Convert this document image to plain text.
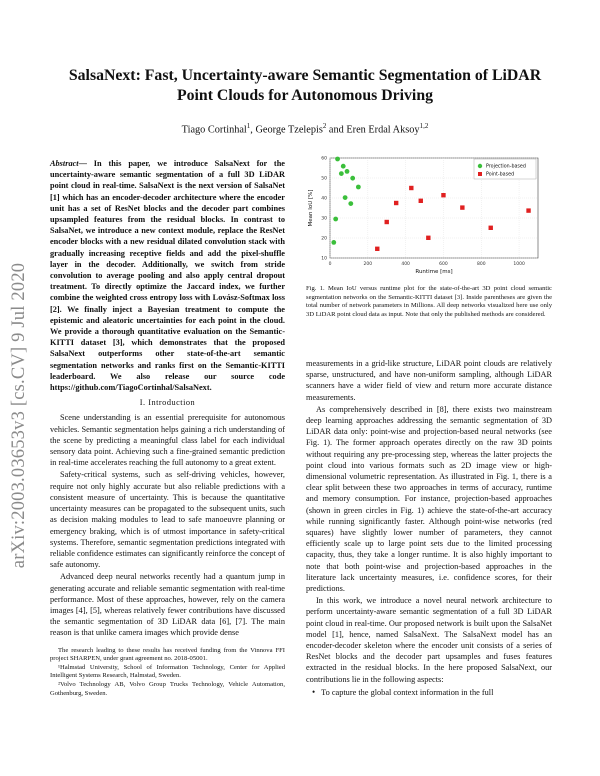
arXiv:2003.03653v3 [cs.CV] 9 Jul 2020
SalsaNext: Fast, Uncertainty-aware Semantic Segmentation of LiDAR Point Clouds for Autonomous Driving
Tiago Cortinhal$^1$, George Tzelepis$^2$ and Eren Erdal Aksoy$^{1,2}$

Abstract— In this paper, we introduce SalsaNext for the uncertainty-aware semantic segmentation of a full 3D LiDAR point cloud in real-time. SalsaNext is the next version of SalsaNet [1] which has an encoder-decoder architecture where the encoder unit has a set of ResNet blocks and the decoder part combines upsampled features from the residual blocks. In contrast to SalsaNet, we introduce a new context module, replace the ResNet encoder blocks with a new residual dilated convolution stack with gradually increasing receptive fields and add the pixel-shuffle layer in the decoder. Additionally, we switch from stride convolution to average pooling and also apply central dropout treatment. To directly optimize the Jaccard index, we further combine the weighted cross entropy loss with Lovász-Softmax loss [2]. We finally inject a Bayesian treatment to compute the epistemic and aleatoric uncertainties for each point in the cloud. We provide a thorough quantitative evaluation on the Semantic-KITTI dataset [3], which demonstrates that the proposed SalsaNext outperforms other state-of-the-art semantic segmentation networks and ranks first on the Semantic-KITTI leaderboard. We also release our source code https://github.com/TiagoCortinhal/SalsaNext.

I. Introduction

Scene understanding is an essential prerequisite for autonomous vehicles. Semantic segmentation helps gaining a rich understanding of the scene by predicting a meaningful class label for each individual sensory data point. Achieving such a fine-grained semantic prediction in real-time accelerates reaching the full autonomy to a great extent.

Safety-critical systems, such as self-driving vehicles, however, require not only highly accurate but also reliable predictions with a consistent measure of uncertainty. This is because the quantitative uncertainty measures can be propagated to the subsequent units, such as decision making modules to lead to safe manoeuvre planning or emergency braking, which is of utmost importance in safety-critical systems. Therefore, semantic segmentation predictions integrated with reliable confidence estimates can significantly reinforce the concept of safe autonomy.

Advanced deep neural networks recently had a quantum jump in generating accurate and reliable semantic segmentation with real-time performance. Most of these approaches, however, rely on the camera images [4], [5], whereas relatively fewer contributions have discussed the semantic segmentation of 3D LiDAR data [6], [7]. The main reason is that unlike camera images which provide dense

The research leading to these results has received funding from the Vinnova FFI project SHARPEN, under grant agreement no. 2018-05001.
¹Halmstad University, School of Information Technology, Center for Applied Intelligent Systems Research, Halmstad, Sweden.
²Volvo Technology AB, Volvo Group Trucks Technology, Vehicle Automation, Gothenburg, Sweden.
0	200	400	600	800	1000
10
20
30
40
50
60
Runtime [ms]
Mean IoU [%]
Projection-based
Point-based

Fig. 1. Mean IoU versus runtime plot for the state-of-the-art 3D point cloud semantic segmentation networks on the Semantic-KITTI dataset [3]. Inside parentheses are given the total number of network parameters in Millions. All deep networks visualized here use only 3D LiDAR point cloud data as input. Note that only the published methods are considered.

measurements in a grid-like structure, LiDAR point clouds are relatively sparse, unstructured, and have non-uniform sampling, although LiDAR scanners have a wider field of view and return more accurate distance measurements.

As comprehensively described in [8], there exists two mainstream deep learning approaches addressing the semantic segmentation of 3D LiDAR data only: point-wise and projection-based neural networks (see Fig. 1). The former approach operates directly on the raw 3D points without requiring any pre-processing step, whereas the latter projects the point cloud into various formats such as 2D image view or high-dimensional volumetric representation. As illustrated in Fig. 1, there is a clear split between these two approaches in terms of accuracy, runtime and memory consumption. For instance, projection-based approaches (shown in green circles in Fig. 1) achieve the state-of-the-art accuracy while running significantly faster. Although point-wise networks (red squares) have slightly lower number of parameters, they cannot efficiently scale up to large point sets due to the limited processing capacity, thus, they take a longer runtime. It is also highly important to note that both point-wise and projection-based approaches in the literature lack uncertainty measures, i.e. confidence scores, for their predictions.

In this work, we introduce a novel neural network architecture to perform uncertainty-aware semantic segmentation of a full 3D LiDAR point cloud in real-time. Our proposed network is built upon the SalsaNet model [1], hence, named SalsaNext. The SalsaNext model has an encoder-decoder skeleton where the encoder unit consists of a series of ResNet blocks and the decoder part upsamples and fuses features extracted in the residual blocks. In the here proposed SalsaNext, our contributions lie in the following aspects:

• To capture the global context information in the full
